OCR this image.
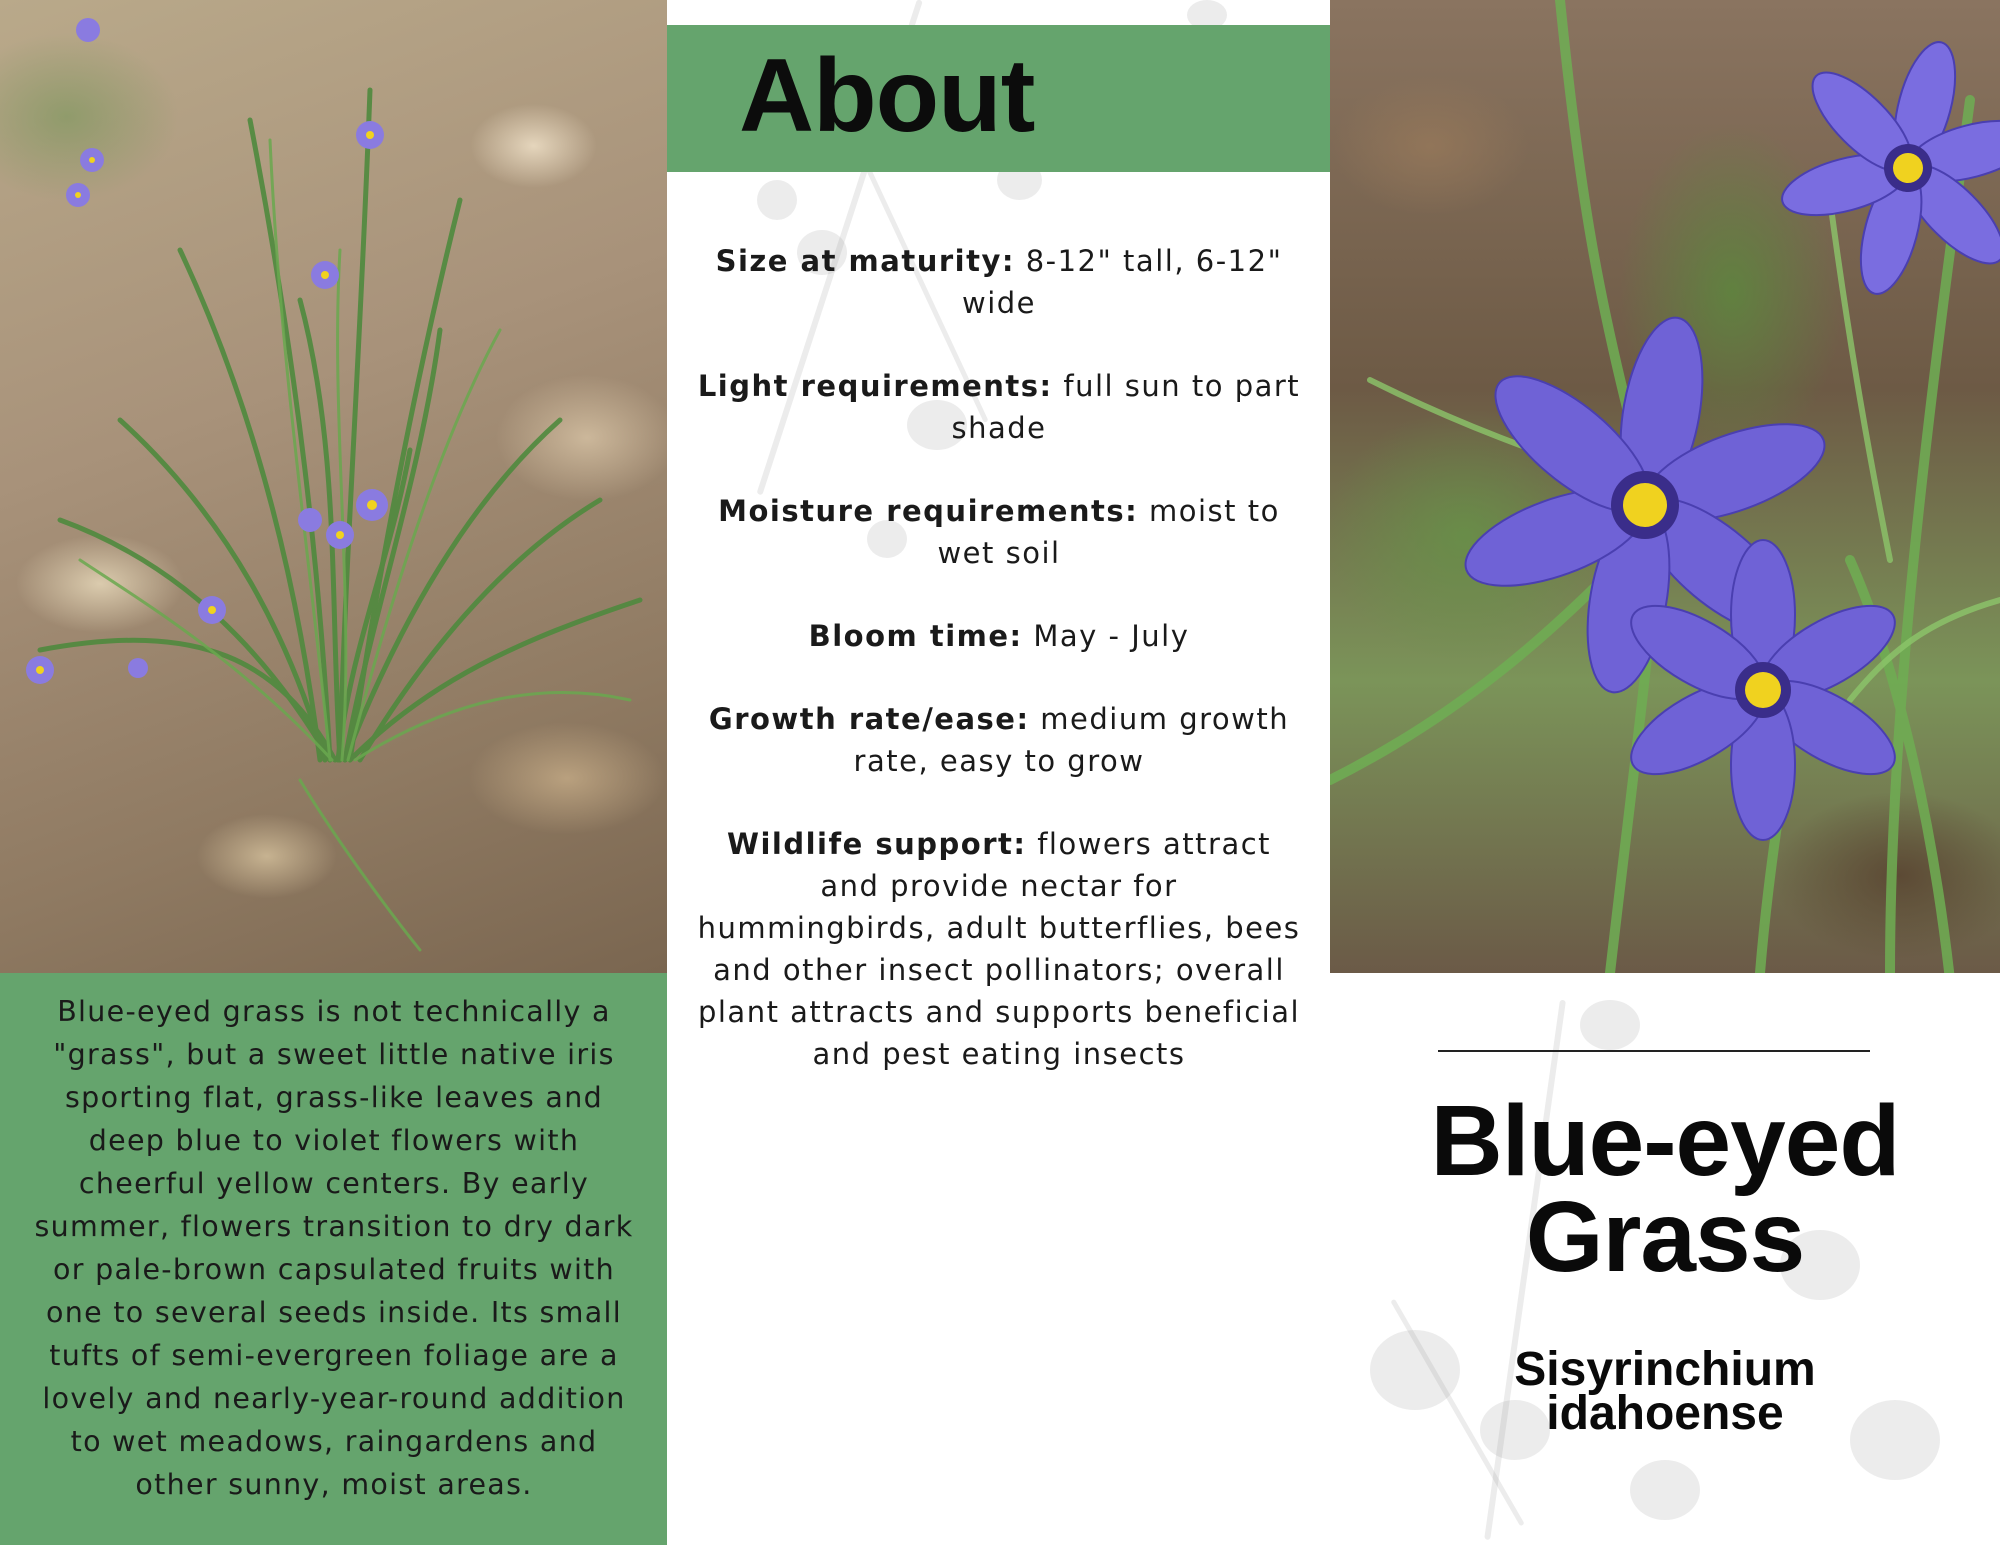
Blue-eyed grass is not technically a "grass", but a sweet little native iris sporting flat, grass-like leaves and deep blue to violet flowers with cheerful yellow centers. By early summer, flowers transition to dry dark or pale-brown capsulated fruits with one to several seeds inside. Its small tufts of semi-evergreen foliage are a lovely and nearly-year-round addition to wet meadows, raingardens and other sunny, moist areas.

About

Size at maturity: 8-12" tall, 6-12" wide

Light requirements: full sun to part shade

Moisture requirements: moist to wet soil

Bloom time: May - July

Growth rate/ease: medium growth rate, easy to grow

Wildlife support: flowers attract and provide nectar for hummingbirds, adult butterflies, bees and other insect pollinators; overall plant attracts and supports beneficial and pest eating insects

Blue-eyed
Grass
Sisyrinchium
idahoense
